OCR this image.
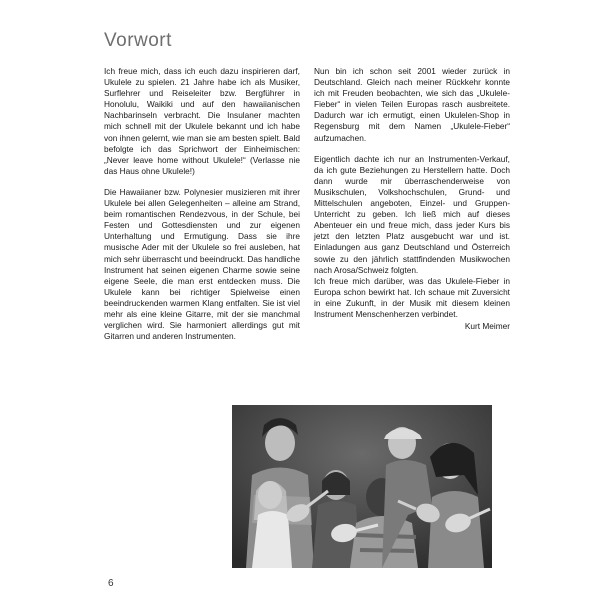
Vorwort

Ich freue mich, dass ich euch dazu inspirieren darf, Ukulele zu spielen. 21 Jahre habe ich als Musiker, Surflehrer und Reiseleiter bzw. Bergführer in Honolulu, Waikiki und auf den hawaiianischen Nachbarinseln verbracht. Die Insulaner machten mich schnell mit der Ukulele bekannt und ich habe von ihnen gelernt, wie man sie am besten spielt. Bald befolgte ich das Sprichwort der Einheimischen: „Never leave home without Ukulele!“ (Verlasse nie das Haus ohne Ukulele!)

Die Hawaiianer bzw. Polynesier musizieren mit ihrer Ukulele bei allen Gelegenheiten – alleine am Strand, beim romantischen Rendezvous, in der Schule, bei Festen und Gottesdiensten und zur eigenen Unterhaltung und Ermutigung. Dass sie ihre musische Ader mit der Ukulele so frei ausleben, hat mich sehr überrascht und beeindruckt. Das handliche Instrument hat seinen eigenen Charme sowie seine eigene Seele, die man erst entdecken muss. Die Ukulele kann bei richtiger Spielweise einen beeindruckenden warmen Klang entfalten. Sie ist viel mehr als eine kleine Gitarre, mit der sie manchmal verglichen wird. Sie harmoniert allerdings gut mit Gitarren und anderen Instrumenten.

Nun bin ich schon seit 2001 wieder zurück in Deutschland. Gleich nach meiner Rückkehr konnte ich mit Freuden beobachten, wie sich das „Ukulele-Fieber“ in vielen Teilen Europas rasch ausbreitete. Dadurch war ich ermutigt, einen Ukulelen-Shop in Regensburg mit dem Namen „Ukulele-Fieber“ aufzumachen.

Eigentlich dachte ich nur an Instrumenten-Verkauf, da ich gute Beziehungen zu Herstellern hatte. Doch dann wurde mir überraschenderweise von Musikschulen, Volkshochschulen, Grund- und Mittelschulen angeboten, Einzel- und Gruppen-Unterricht zu geben. Ich ließ mich auf dieses Abenteuer ein und freue mich, dass jeder Kurs bis jetzt den letzten Platz ausgebucht war und ist. Einladungen aus ganz Deutschland und Österreich sowie zu den jährlich stattfindenden Musikwochen nach Arosa/Schweiz folgten.

Ich freue mich darüber, was das Ukulele-Fieber in Europa schon bewirkt hat. Ich schaue mit Zuversicht in eine Zukunft, in der Musik mit diesem kleinen Instrument Menschenherzen verbindet.

Kurt Meimer
6
